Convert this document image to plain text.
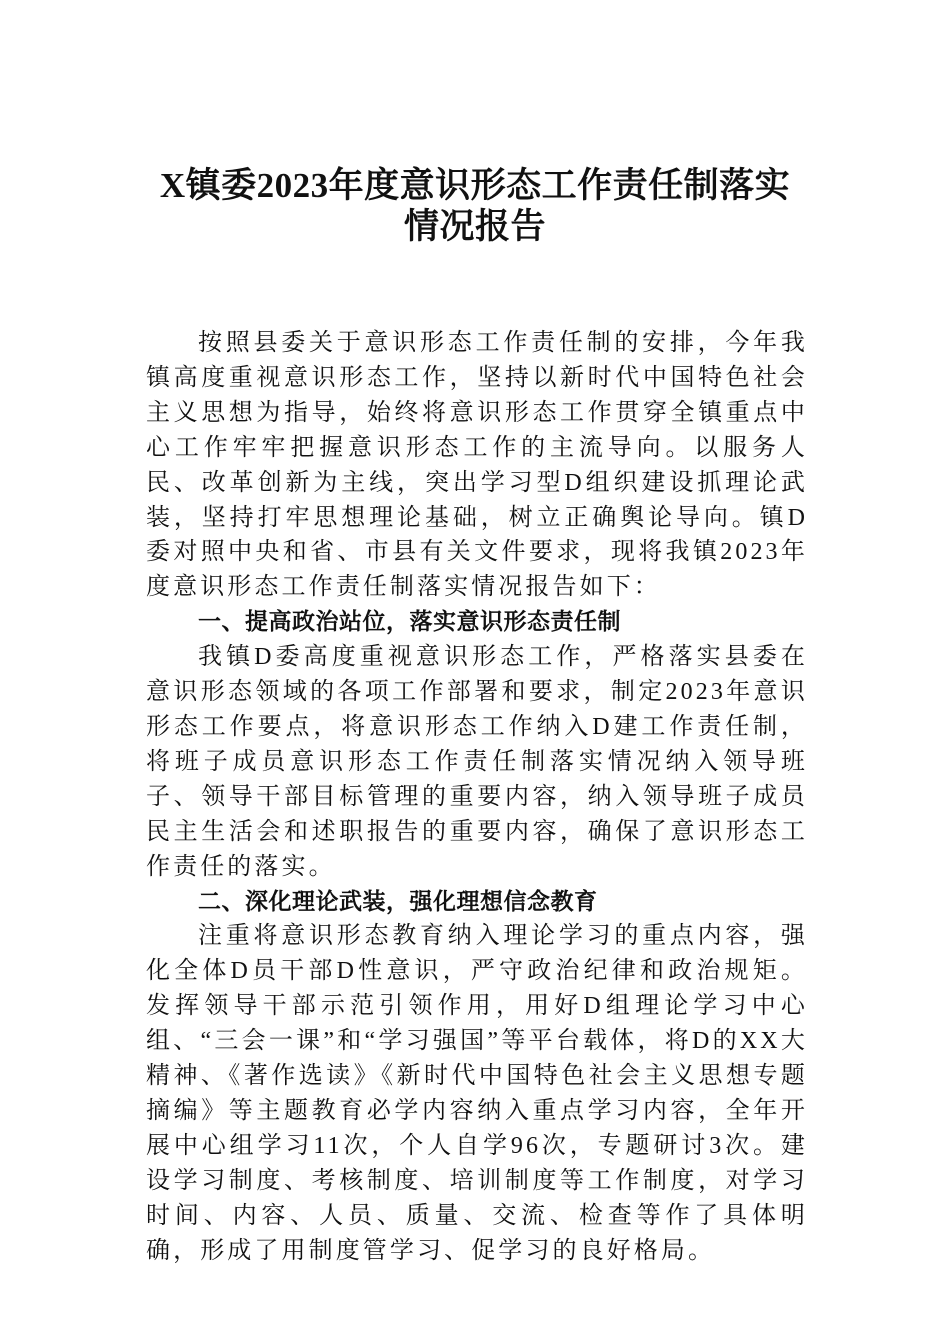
X镇委2023年度意识形态工作责任制落实
情况报告

按照县委关于意识形态工作责任制的安排，今年我镇高度重视意识形态工作，坚持以新时代中国特色社会主义思想为指导，始终将意识形态工作贯穿全镇重点中心工作牢牢把握意识形态工作的主流导向。以服务人民、改革创新为主线，突出学习型D组织建设抓理论武装，坚持打牢思想理论基础，树立正确舆论导向。镇D委对照中央和省、市县有关文件要求，现将我镇2023年度意识形态工作责任制落实情况报告如下：

一、提高政治站位，落实意识形态责任制

我镇D委高度重视意识形态工作，严格落实县委在意识形态领域的各项工作部署和要求，制定2023年意识形态工作要点，将意识形态工作纳入D建工作责任制，将班子成员意识形态工作责任制落实情况纳入领导班子、领导干部目标管理的重要内容，纳入领导班子成员民主生活会和述职报告的重要内容，确保了意识形态工作责任的落实。

二、深化理论武装，强化理想信念教育

注重将意识形态教育纳入理论学习的重点内容，强化全体D员干部D性意识，严守政治纪律和政治规矩。发挥领导干部示范引领作用，用好D组理论学习中心组、“三会一课”和“学习强国”等平台载体，将D的XX大精神、《著作选读》《新时代中国特色社会主义思想专题摘编》等主题教育必学内容纳入重点学习内容，全年开展中心组学习11次，个人自学96次，专题研讨3次。建设学习制度、考核制度、培训制度等工作制度，对学习时间、内容、人员、质量、交流、检查等作了具体明确，形成了用制度管学习、促学习的良好格局。
